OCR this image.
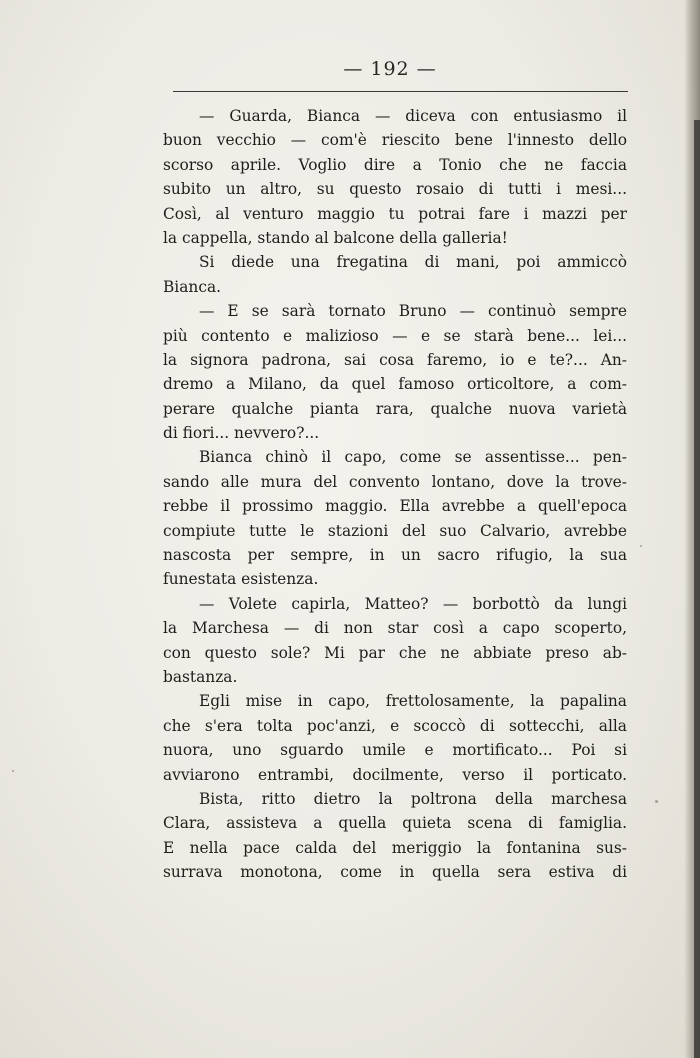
— 192 —
— Guarda, Bianca — diceva con entusiasmo il
buon vecchio — com'è riescito bene l'innesto dello
scorso aprile. Voglio dire a Tonio che ne faccia
subito un altro, su questo rosaio di tutti i mesi...
Così, al venturo maggio tu potrai fare i mazzi per
la cappella, stando al balcone della galleria!
Si diede una fregatina di mani, poi ammiccò
Bianca.
— E se sarà tornato Bruno — continuò sempre
più contento e malizioso — e se starà bene... lei...
la signora padrona, sai cosa faremo, io e te?... An-
dremo a Milano, da quel famoso orticoltore, a com-
perare qualche pianta rara, qualche nuova varietà
di fiori... nevvero?...
Bianca chinò il capo, come se assentisse... pen-
sando alle mura del convento lontano, dove la trove-
rebbe il prossimo maggio. Ella avrebbe a quell'epoca
compiute tutte le stazioni del suo Calvario, avrebbe
nascosta per sempre, in un sacro rifugio, la sua
funestata esistenza.
— Volete capirla, Matteo? — borbottò da lungi
la Marchesa — di non star così a capo scoperto,
con questo sole? Mi par che ne abbiate preso ab-
bastanza.
Egli mise in capo, frettolosamente, la papalina
che s'era tolta poc'anzi, e scoccò di sottecchi, alla
nuora, uno sguardo umile e mortificato... Poi si
avviarono entrambi, docilmente, verso il porticato.
Bista, ritto dietro la poltrona della marchesa
Clara, assisteva a quella quieta scena di famiglia.
E nella pace calda del meriggio la fontanina sus-
surrava monotona, come in quella sera estiva di
